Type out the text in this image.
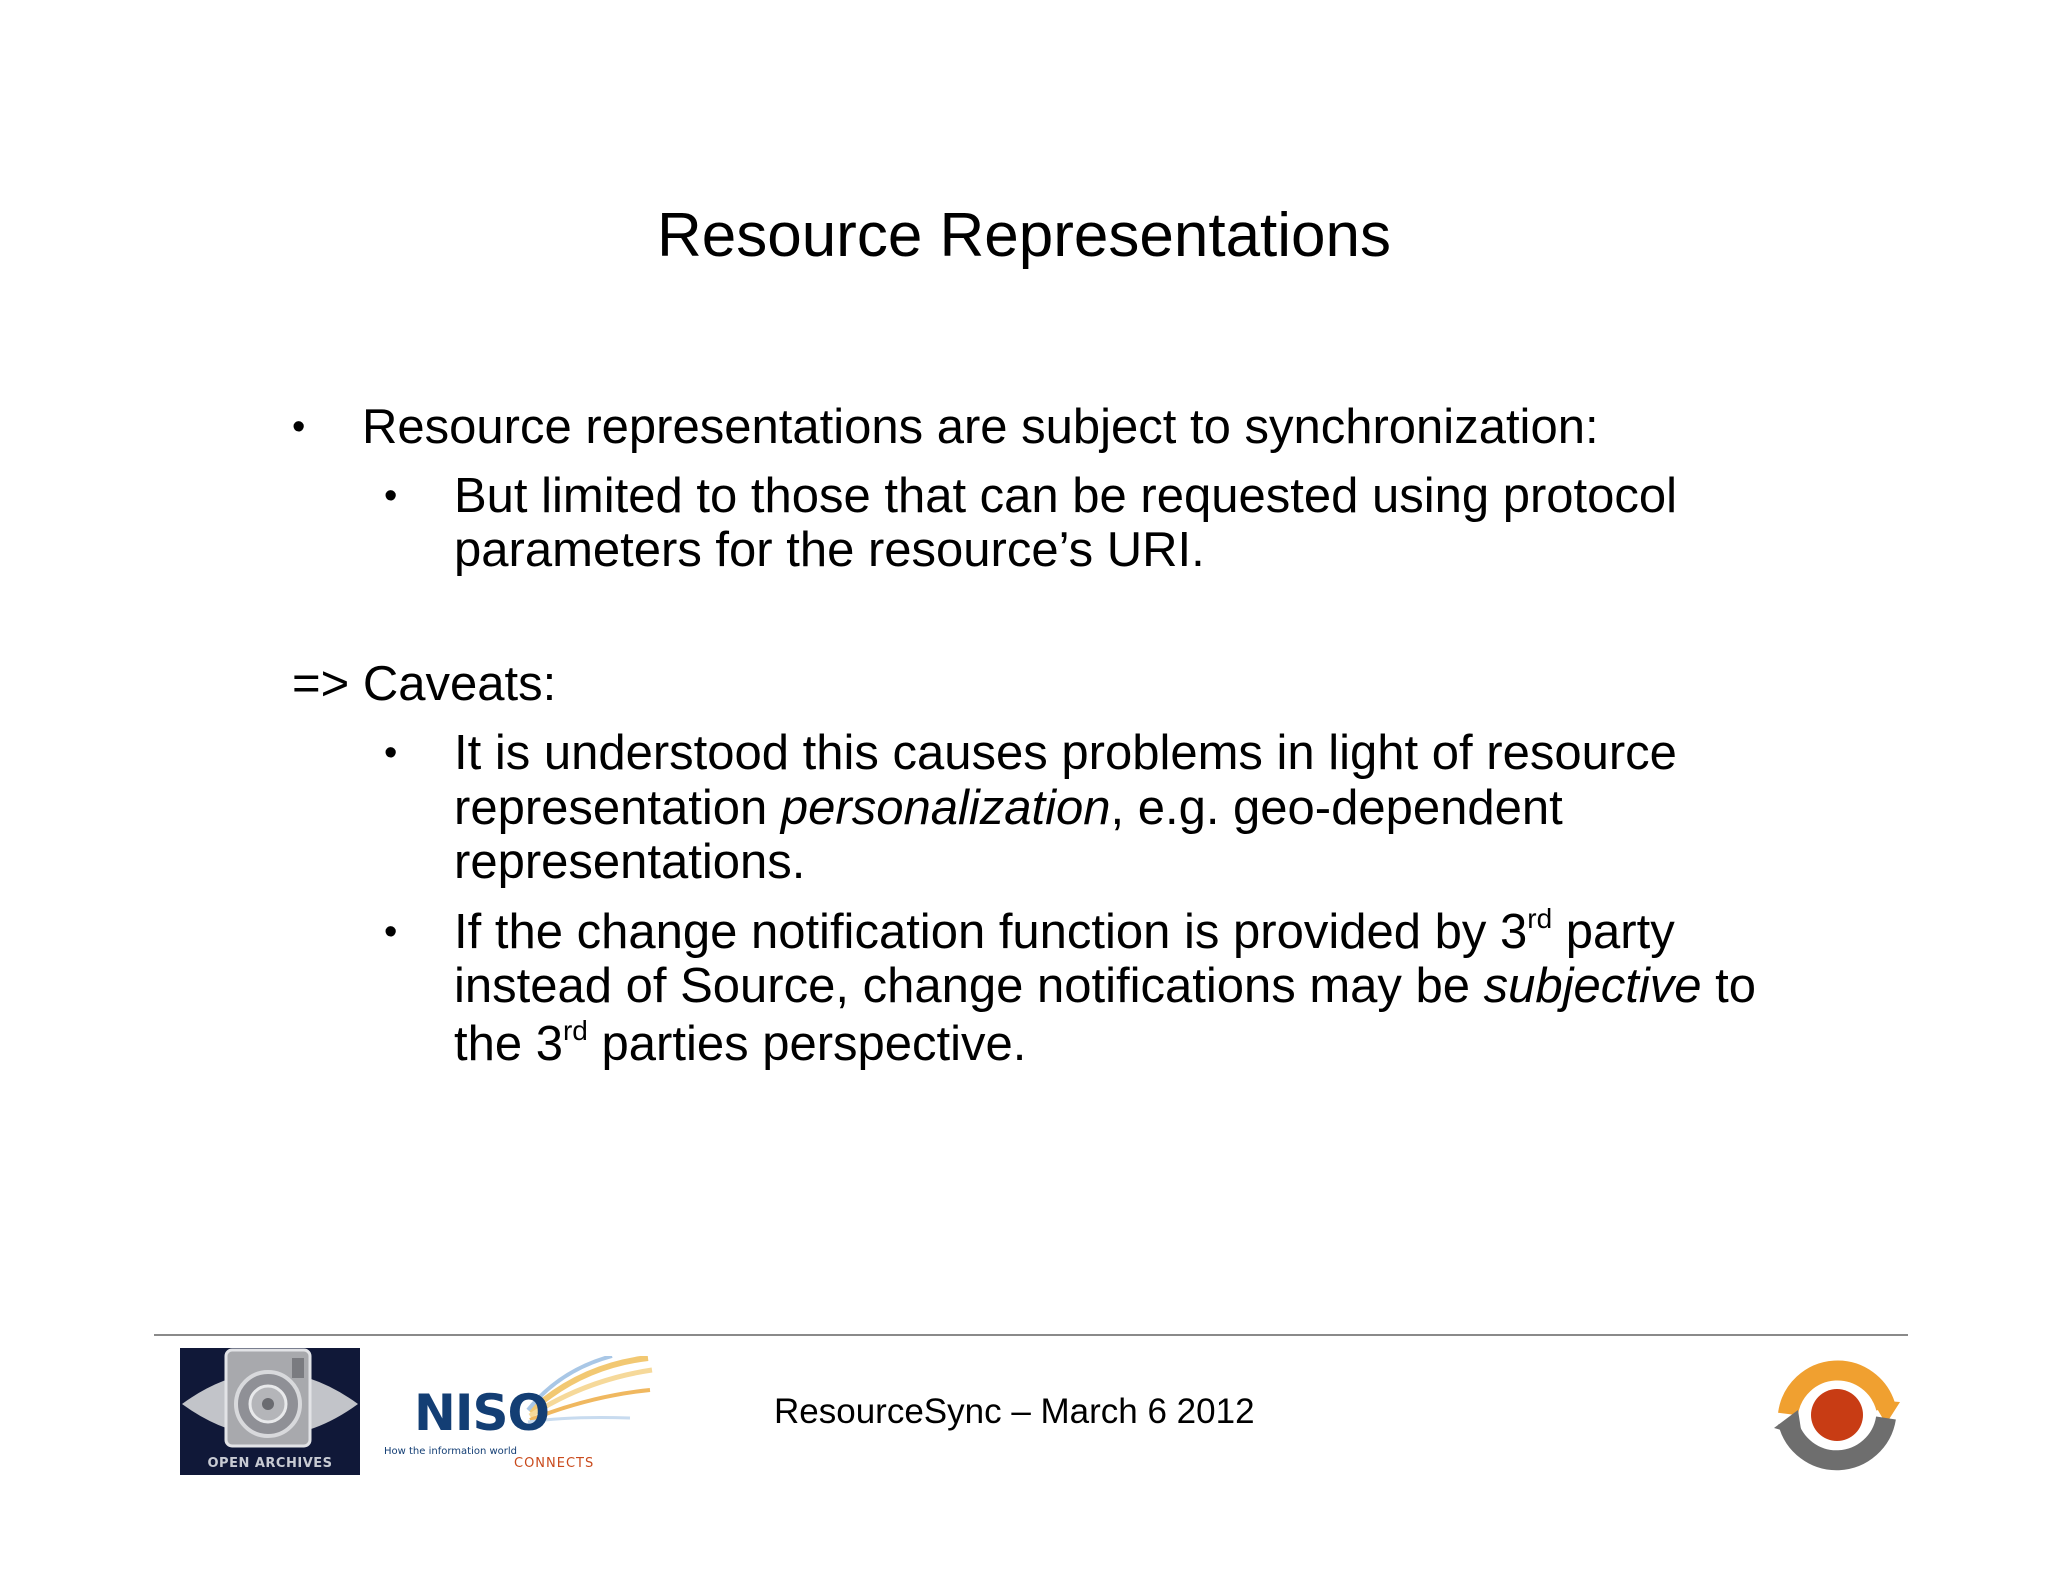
Resource Representations
• Resource representations are subject to synchronization:
• But limited to those that can be requested using protocol
parameters for the resource’s URI.
=> Caveats:
• It is understood this causes problems in light of resource
representation personalization, e.g. geo-dependent
representations.
• If the change notification function is provided by 3rd party
instead of Source, change notifications may be subjective to
the 3rd parties perspective.
OPEN ARCHIVES
NISO
How the information world
CONNECTS
ResourceSync – March 6 2012
